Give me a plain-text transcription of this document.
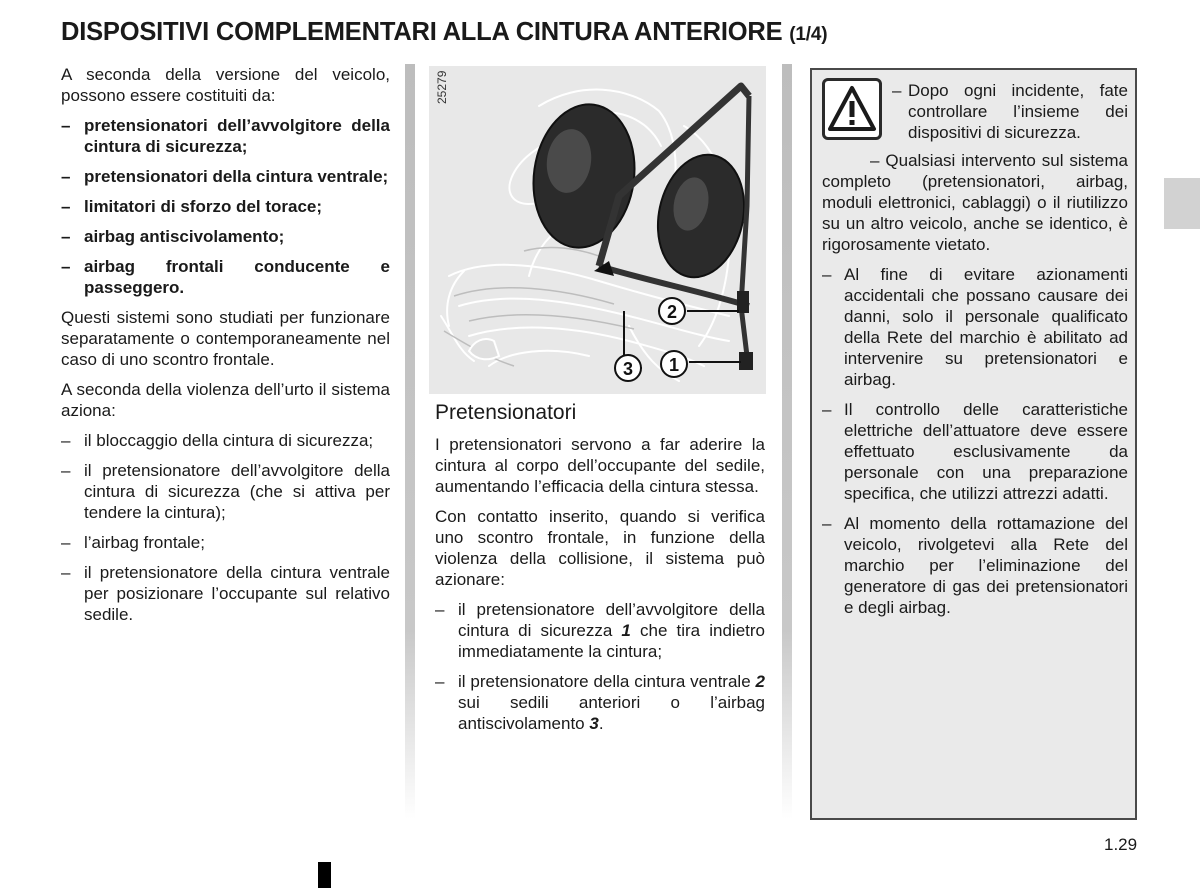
DISPOSITIVI COMPLEMENTARI ALLA CINTURA ANTERIORE (1/4)

A seconda della versione del veicolo, possono essere costituiti da:

– pretensionatori dell’avvolgitore della cintura di sicurezza;
– pretensionatori della cintura ventrale;
– limitatori di sforzo del torace;
– airbag antiscivolamento;
– airbag frontali conducente e passeggero.

Questi sistemi sono studiati per funzionare separatamente o contemporaneamente nel caso di uno scontro frontale.

A seconda della violenza dell’urto il sistema aziona:

– il bloccaggio della cintura di sicurezza;
– il pretensionatore dell’avvolgitore della cintura di sicurezza (che si attiva per tendere la cintura);
– l’airbag frontale;
– il pretensionatore della cintura ventrale per posizionare l’occupante sul relativo sedile.
25279
2
1
3
Pretensionatori

I pretensionatori servono a far aderire la cintura al corpo dell’occupante del sedile, aumentando l’efficacia della cintura stessa.

Con contatto inserito, quando si verifica uno scontro frontale, in funzione della violenza della collisione, il sistema può azionare:

– il pretensionatore dell’avvolgitore della cintura di sicurezza 1 che tira indietro immediatamente la cintura;
– il pretensionatore della cintura ventrale 2 sui sedili anteriori o l’airbag antiscivolamento 3.
– Dopo ogni incidente, fate controllare l’insieme dei dispositivi di sicurezza.

– Qualsiasi intervento sul sistema completo (pretensionatori, airbag, moduli elettronici, cablaggi) o il riutilizzo su un altro veicolo, anche se identico, è rigorosamente vietato.

– Al fine di evitare azionamenti accidentali che possano causare dei danni, solo il personale qualificato della Rete del marchio è abilitato ad intervenire su pretensionatori e airbag.
– Il controllo delle caratteristiche elettriche dell’attuatore deve essere effettuato esclusivamente da personale con una preparazione specifica, che utilizzi attrezzi adatti.
– Al momento della rottamazione del veicolo, rivolgetevi alla Rete del marchio per l’eliminazione del generatore di gas dei pretensionatori e degli airbag.
1.29
